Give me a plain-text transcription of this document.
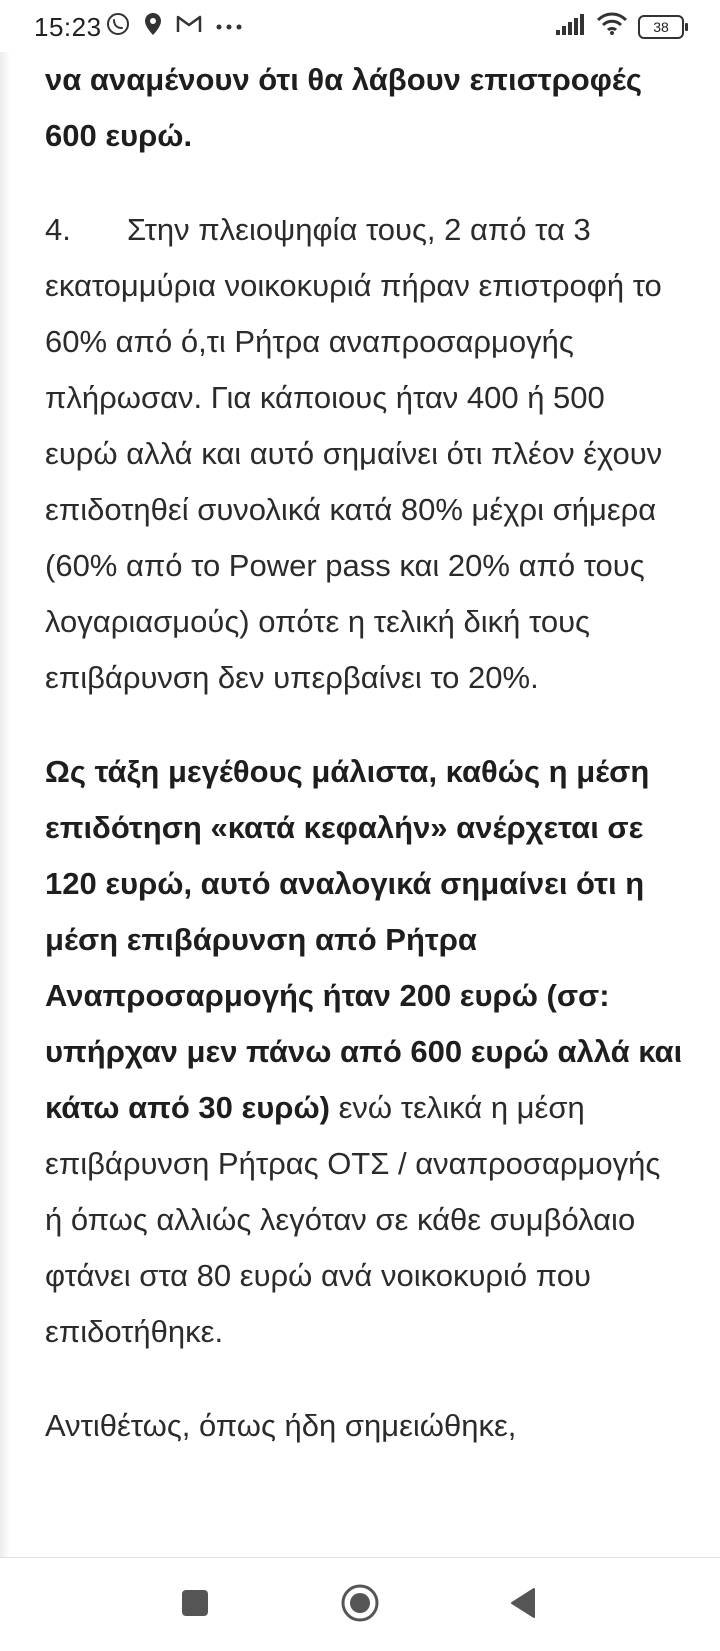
15:23	38

να αναμένουν ότι θα λάβουν επιστροφές 600 ευρώ.

4. Στην πλειοψηφία τους, 2 από τα 3 εκατομμύρια νοικοκυριά πήραν επιστροφή το 60% από ό,τι Ρήτρα αναπροσαρμογής πλήρωσαν. Για κάποιους ήταν 400 ή 500 ευρώ αλλά και αυτό σημαίνει ότι πλέον έχουν επιδοτηθεί συνολικά κατά 80% μέχρι σήμερα (60% από το Power pass και 20% από τους λογαριασμούς) οπότε η τελική δική τους επιβάρυνση δεν υπερβαίνει το 20%.

Ως τάξη μεγέθους μάλιστα, καθώς η μέση επιδότηση «κατά κεφαλήν» ανέρχεται σε 120 ευρώ, αυτό αναλογικά σημαίνει ότι η μέση επιβάρυνση από Ρήτρα Αναπροσαρμογής ήταν 200 ευρώ (σσ: υπήρχαν μεν πάνω από 600 ευρώ αλλά και κάτω από 30 ευρώ) ενώ τελικά η μέση επιβάρυνση Ρήτρας ΟΤΣ / αναπροσαρμογής ή όπως αλλιώς λεγόταν σε κάθε συμβόλαιο φτάνει στα 80 ευρώ ανά νοικοκυριό που επιδοτήθηκε.

Αντιθέτως, όπως ήδη σημειώθηκε,
